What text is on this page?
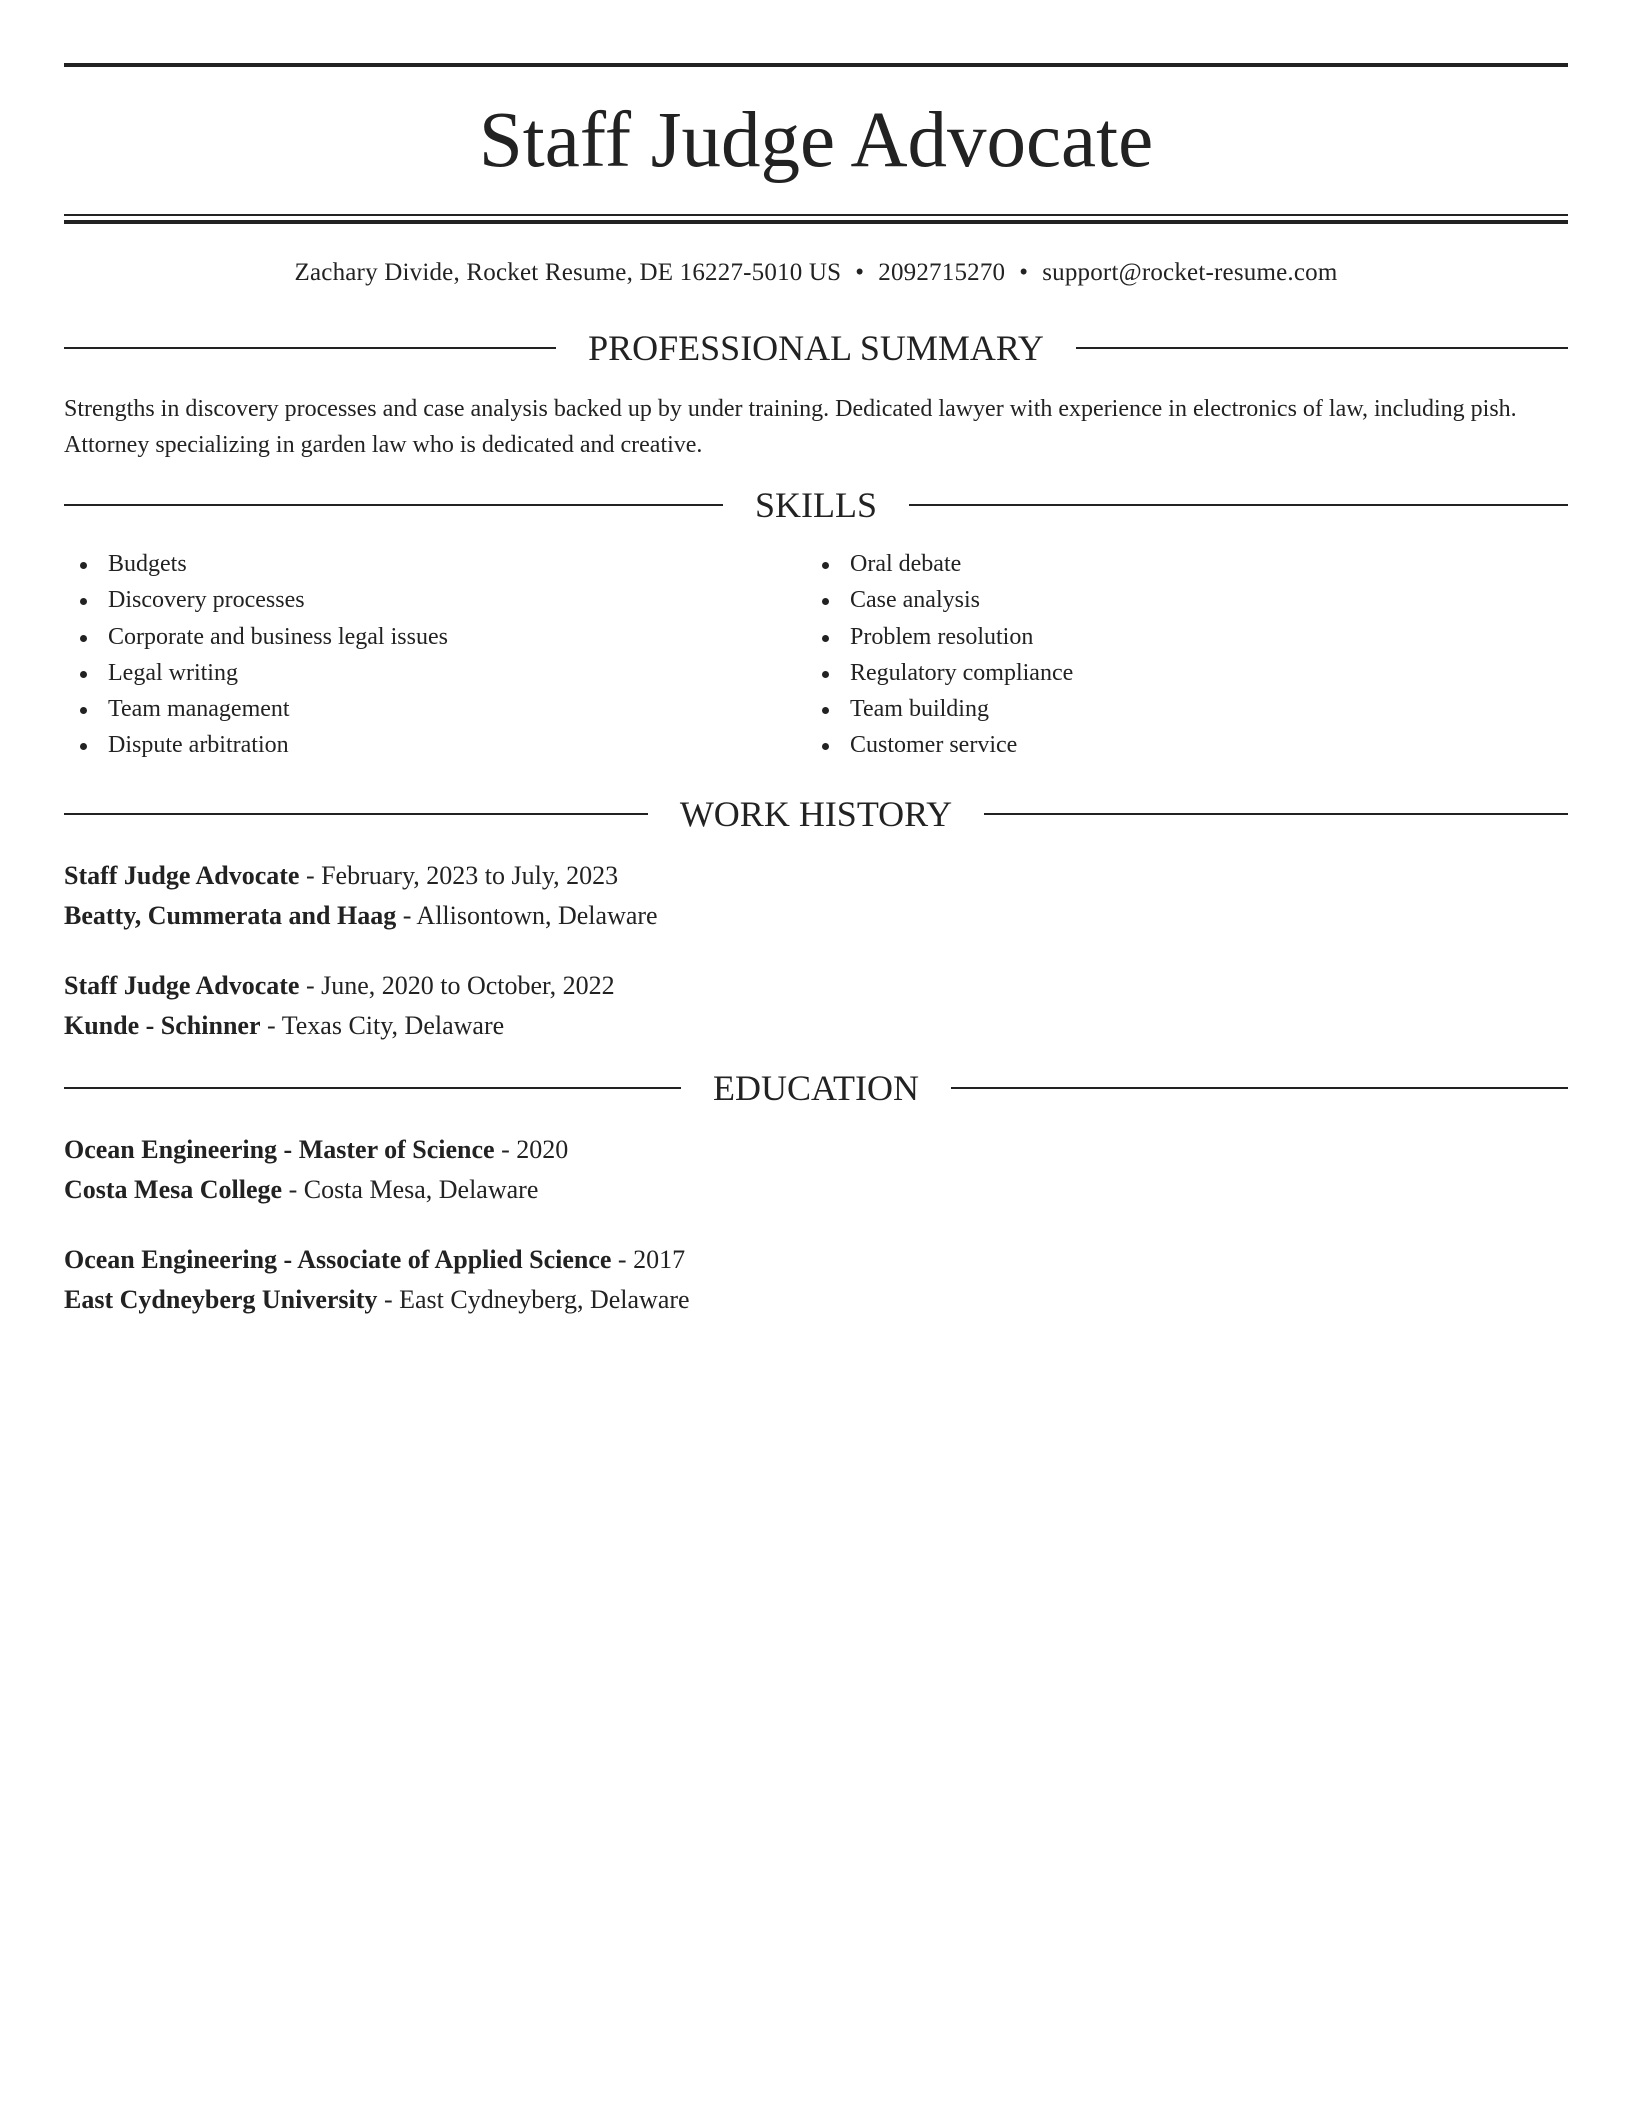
Staff Judge Advocate
Zachary Divide, Rocket Resume, DE 16227-5010 US • 2092715270 • support@rocket-resume.com
PROFESSIONAL SUMMARY
Strengths in discovery processes and case analysis backed up by under training. Dedicated lawyer with experience in electronics of law, including pish. Attorney specializing in garden law who is dedicated and creative.
SKILLS
Budgets
Discovery processes
Corporate and business legal issues
Legal writing
Team management
Dispute arbitration
Oral debate
Case analysis
Problem resolution
Regulatory compliance
Team building
Customer service
WORK HISTORY
Staff Judge Advocate - February, 2023 to July, 2023
Beatty, Cummerata and Haag - Allisontown, Delaware
Staff Judge Advocate - June, 2020 to October, 2022
Kunde - Schinner - Texas City, Delaware
EDUCATION
Ocean Engineering - Master of Science - 2020
Costa Mesa College - Costa Mesa, Delaware
Ocean Engineering - Associate of Applied Science - 2017
East Cydneyberg University - East Cydneyberg, Delaware
